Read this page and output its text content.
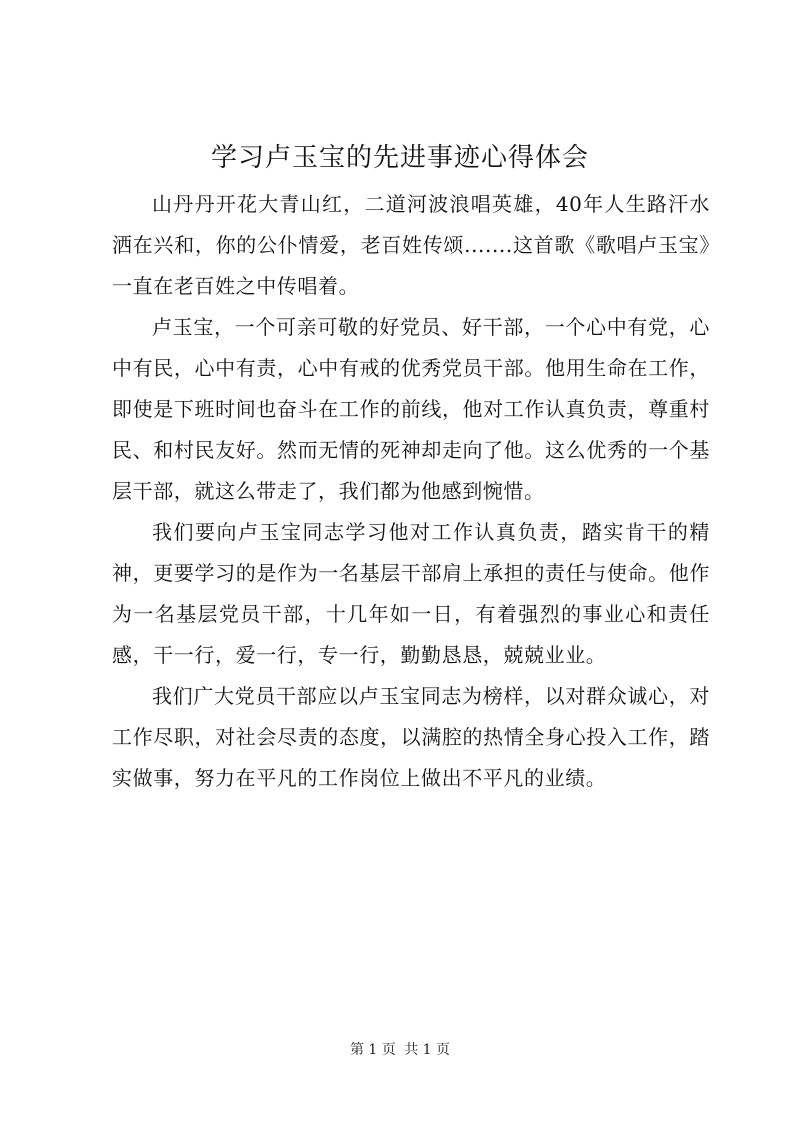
学习卢玉宝的先进事迹心得体会

山丹丹开花大青山红，二道河波浪唱英雄，40年人生路汗水洒在兴和，你的公仆情爱，老百姓传颂.......这首歌《歌唱卢玉宝》一直在老百姓之中传唱着。

卢玉宝，一个可亲可敬的好党员、好干部，一个心中有党，心中有民，心中有责，心中有戒的优秀党员干部。他用生命在工作，即使是下班时间也奋斗在工作的前线，他对工作认真负责，尊重村民、和村民友好。然而无情的死神却走向了他。这么优秀的一个基层干部，就这么带走了，我们都为他感到惋惜。

我们要向卢玉宝同志学习他对工作认真负责，踏实肯干的精神，更要学习的是作为一名基层干部肩上承担的责任与使命。他作为一名基层党员干部，十几年如一日，有着强烈的事业心和责任感，干一行，爱一行，专一行，勤勤恳恳，兢兢业业。

我们广大党员干部应以卢玉宝同志为榜样，以对群众诚心，对工作尽职，对社会尽责的态度，以满腔的热情全身心投入工作，踏实做事，努力在平凡的工作岗位上做出不平凡的业绩。

第 1 页 共 1 页
